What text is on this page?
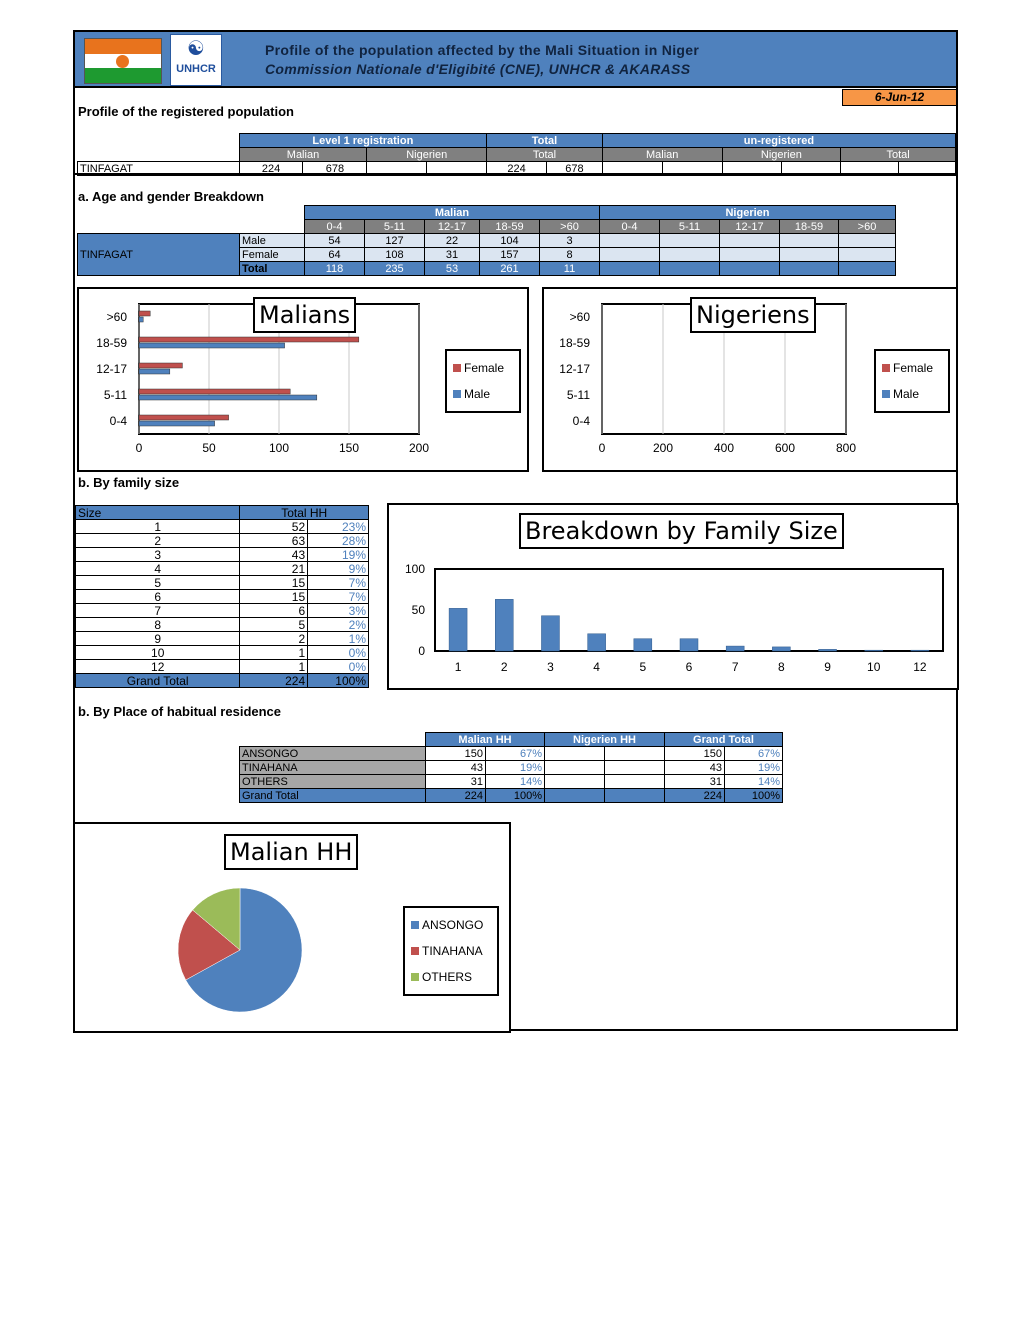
☯
UNHCR
Profile of the population affected by the Mali Situation in Niger
Commission Nationale d'Eligibité (CNE), UNHCR & AKARASS
6-Jun-12
Profile of the registered population
	Level 1 registration				Total		un-registered					
	Malian		Nigerien		Total		Malian		Nigerien		Total	
TINFAGAT	224	678			224	678						
a. Age and gender Breakdown
		Malian					Nigerien				
		0-4	5-11	12-17	18-59	>60	0-4	5-11	12-17	18-59	>60
TINFAGAT	Male	54	127	22	104	3					
	Female	64	108	31	157	8					
	Total	118	235	53	261	11					
0	50	100	150	200
0-4
5-11
12-17
18-59
>60	Malians
Female
Male
0	200	400	600	800
0-4
5-11
12-17
18-59
>60	Nigeriens
Female
Male
b. By family size
Size	Total HH	
1	52	23%
2	63	28%
3	43	19%
4	21	9%
5	15	7%
6	15	7%
7	6	3%
8	5	2%
9	2	1%
10	1	0%
12	1	0%
Grand Total	224	100%
0
50
100
1	2	3	4	5	6	7	8	9	10	12
Breakdown by Family Size
b. By Place of habitual residence
	Malian HH		Nigerien HH		Grand Total	
ANSONGO	150	67%			150	67%
TINAHANA	43	19%			43	19%
OTHERS	31	14%			31	14%
Grand Total	224	100%			224	100%
Malian HH
ANSONGO
TINAHANA
OTHERS
